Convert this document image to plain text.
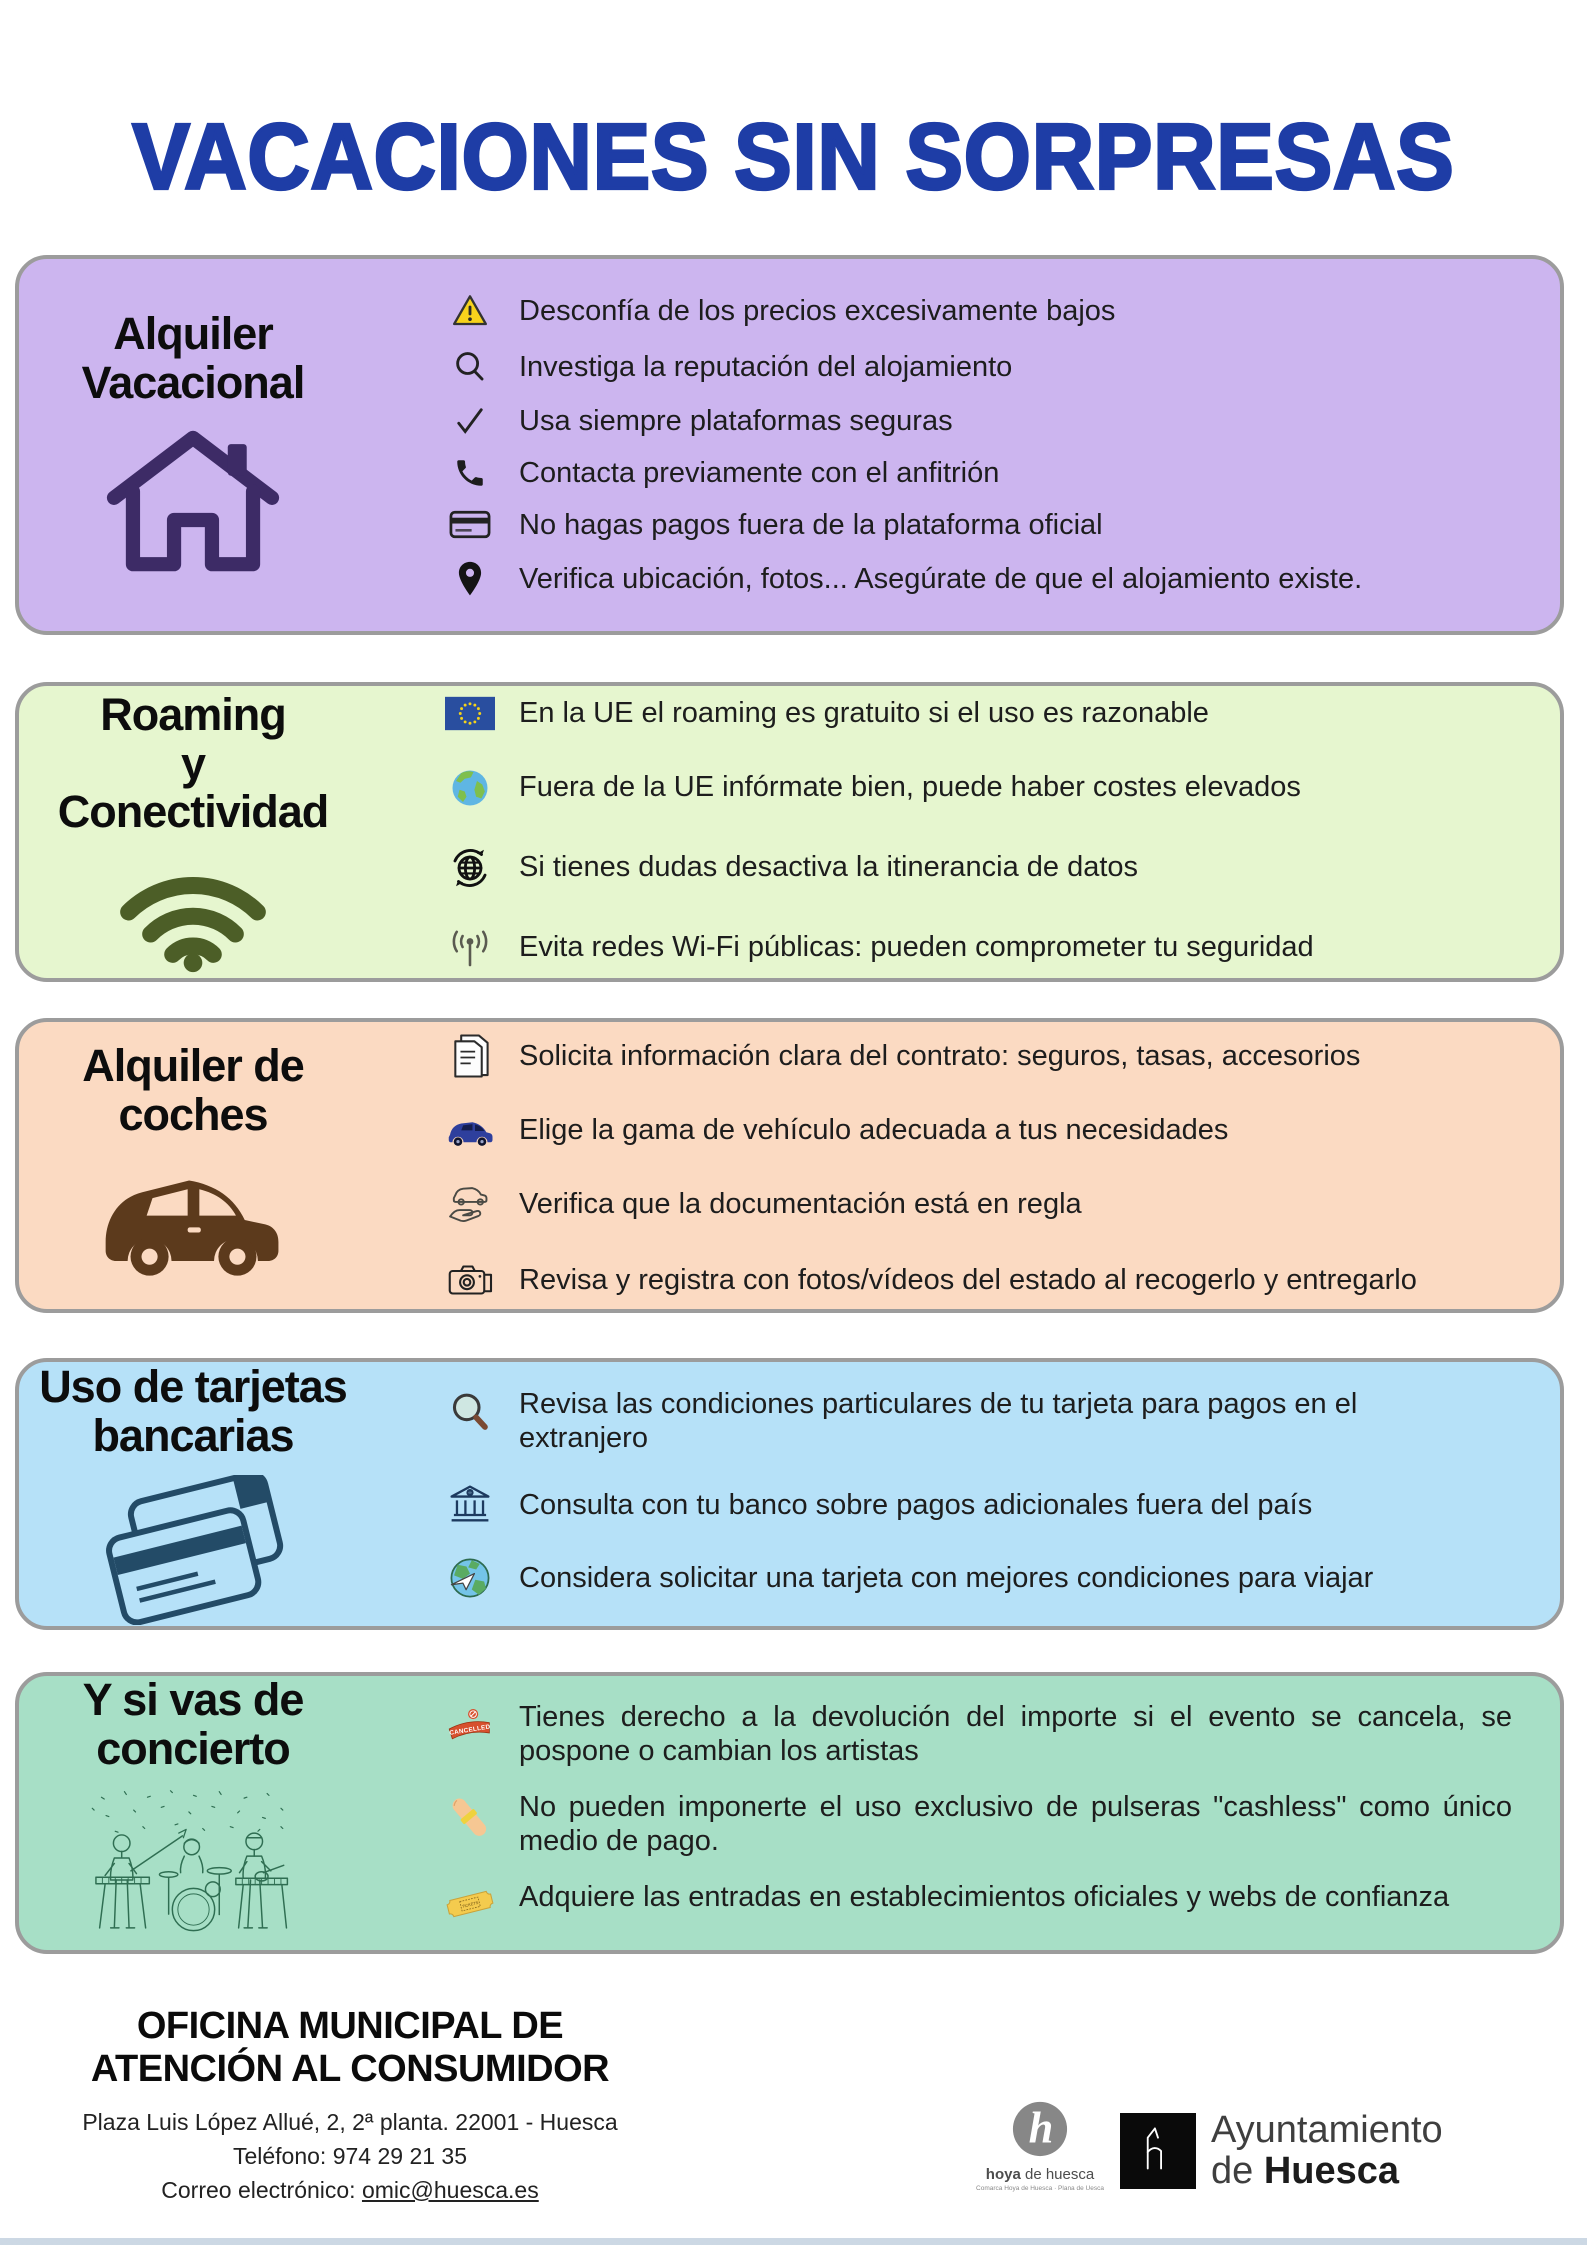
VACACIONES SIN SORPRESAS
Alquiler
Vacacional

Desconfía de los precios excesivamente bajos

Investiga la reputación del alojamiento

Usa siempre plataformas seguras

Contacta previamente con el anfitrión

No hagas pagos fuera de la plataforma oficial

Verifica ubicación, fotos... Asegúrate de que el alojamiento existe.

Roaming
y
Conectividad

En la UE el roaming es gratuito si el uso es razonable

Fuera de la UE infórmate bien, puede haber costes elevados

Si tienes dudas desactiva la itinerancia de datos

Evita redes Wi-Fi públicas: pueden comprometer tu seguridad

Alquiler de
coches

Solicita información clara del contrato: seguros, tasas, accesorios

Elige la gama de vehículo adecuada a tus necesidades

Verifica que la documentación está en regla

Revisa y registra con fotos/vídeos del estado al recogerlo y entregarlo

Uso de tarjetas
bancarias

Revisa las condiciones particulares de tu tarjeta para pagos en el extranjero

Consulta con tu banco sobre pagos adicionales fuera del país

Considera solicitar una tarjeta con mejores condiciones para viajar

Y si vas de
concierto	CANCELLED Tienes derecho a la devolución del importe si el evento se cancela, se pospone o cambian los artistas

No pueden imponerte el uso exclusivo de pulseras "cashless" como único medio de pago.

TICKETS Adquiere las entradas en establecimientos oficiales y webs de confianza

OFICINA MUNICIPAL DE
ATENCIÓN AL CONSUMIDOR
Plaza Luis López Allué, 2, 2ª planta. 22001 - Huesca
Teléfono: 974 29 21 35
Correo electrónico: omic@huesca.es
h
hoya de huesca
Comarca Hoya de Huesca · Plana de Uesca
Ayuntamiento
de Huesca
